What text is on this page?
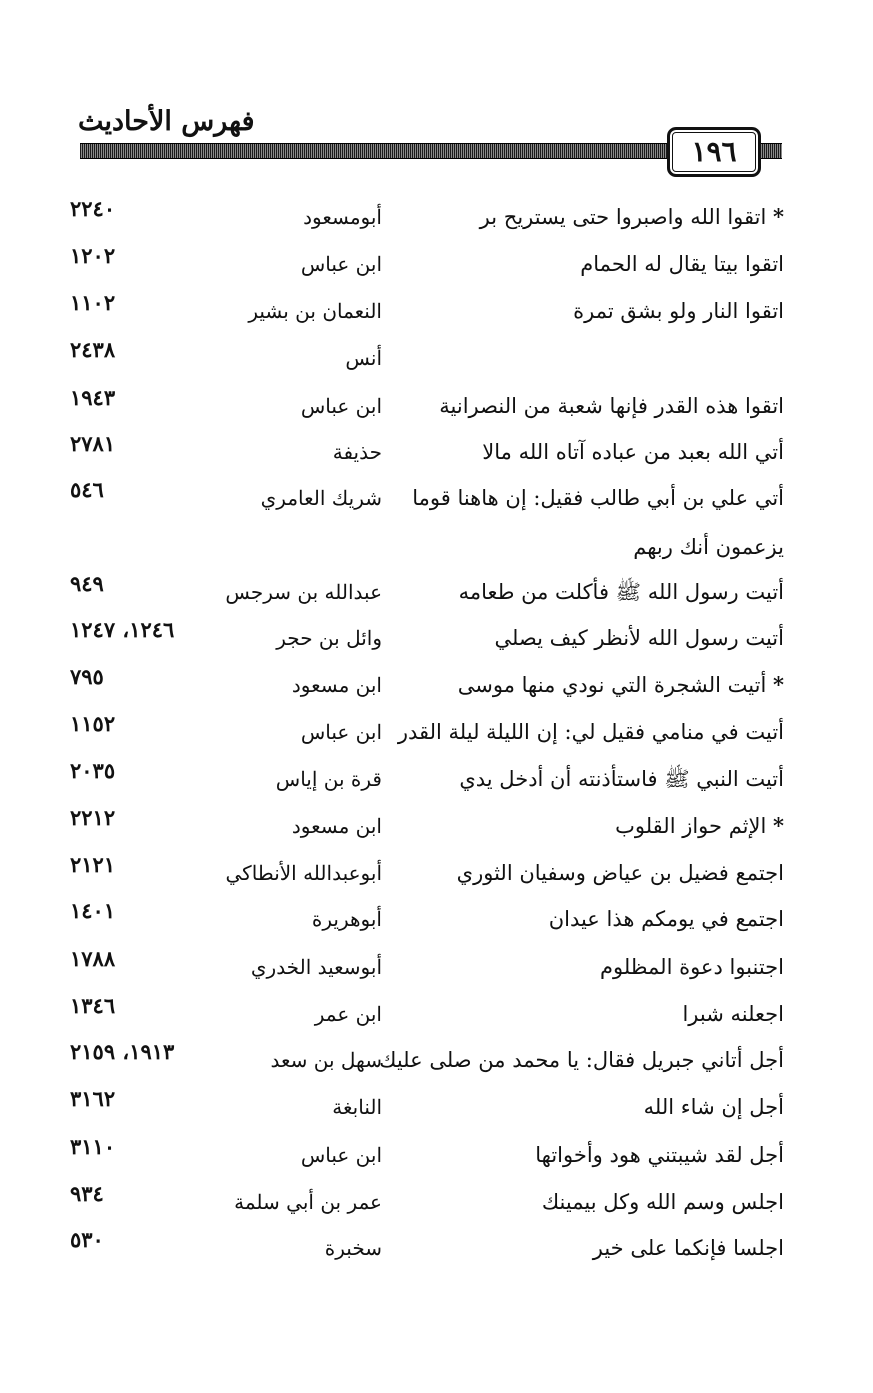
فهرس الأحاديث
١٩٦
* اتقوا الله واصبروا حتى يستريح بر
أبومسعود
٢٢٤٠
اتقوا بيتا يقال له الحمام
ابن عباس
١٢٠٢
اتقوا النار ولو بشق تمرة
النعمان بن بشير
١١٠٢
أنس
٢٤٣٨
اتقوا هذه القدر فإنها شعبة من النصرانية
ابن عباس
١٩٤٣
أتي الله بعبد من عباده آتاه الله مالا
حذيفة
٢٧٨١
أتي علي بن أبي طالب فقيل: إن هاهنا قوما
شريك العامري
٥٤٦
يزعمون أنك ربهم
أتيت رسول الله ﷺ فأكلت من طعامه
عبدالله بن سرجس
٩٤٩
أتيت رسول الله لأنظر كيف يصلي
وائل بن حجر
١٢٤٦، ١٢٤٧
* أتيت الشجرة التي نودي منها موسى
ابن مسعود
٧٩٥
أتيت في منامي فقيل لي: إن الليلة ليلة القدر
ابن عباس
١١٥٢
أتيت النبي ﷺ فاستأذنته أن أدخل يدي
قرة بن إياس
٢٠٣٥
* الإثم حواز القلوب
ابن مسعود
٢٢١٢
اجتمع فضيل بن عياض وسفيان الثوري
أبوعبدالله الأنطاكي
٢١٢١
اجتمع في يومكم هذا عيدان
أبوهريرة
١٤٠١
اجتنبوا دعوة المظلوم
أبوسعيد الخدري
١٧٨٨
اجعلنه شبرا
ابن عمر
١٣٤٦
أجل أتاني جبريل فقال: يا محمد من صلى عليك
سهل بن سعد
١٩١٣، ٢١٥٩
أجل إن شاء الله
النابغة
٣١٦٢
أجل لقد شيبتني هود وأخواتها
ابن عباس
٣١١٠
اجلس وسم الله وكل بيمينك
عمر بن أبي سلمة
٩٣٤
اجلسا فإنكما على خير
سخبرة
٥٣٠
